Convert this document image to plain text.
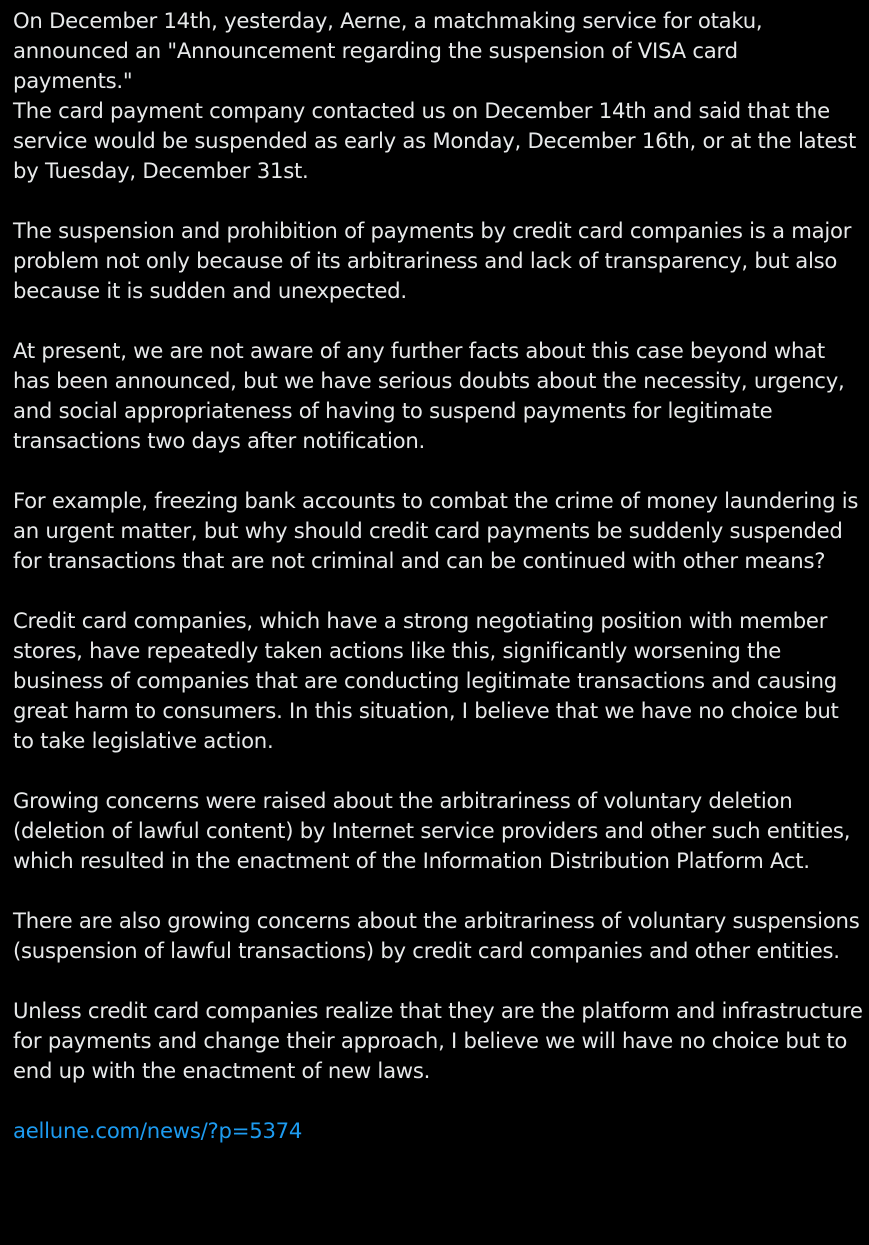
On December 14th, yesterday, Aerne, a matchmaking service for otaku, announced an "Announcement regarding the suspension of VISA card payments."
The card payment company contacted us on December 14th and said that the service would be suspended as early as Monday, December 16th, or at the latest by Tuesday, December 31st.
The suspension and prohibition of payments by credit card companies is a major problem not only because of its arbitrariness and lack of transparency, but also because it is sudden and unexpected.
At present, we are not aware of any further facts about this case beyond what has been announced, but we have serious doubts about the necessity, urgency, and social appropriateness of having to suspend payments for legitimate transactions two days after notification.
For example, freezing bank accounts to combat the crime of money laundering is an urgent matter, but why should credit card payments be suddenly suspended for transactions that are not criminal and can be continued with other means?
Credit card companies, which have a strong negotiating position with member stores, have repeatedly taken actions like this, significantly worsening the business of companies that are conducting legitimate transactions and causing great harm to consumers. In this situation, I believe that we have no choice but to take legislative action.
Growing concerns were raised about the arbitrariness of voluntary deletion (deletion of lawful content) by Internet service providers and other such entities, which resulted in the enactment of the Information Distribution Platform Act.
There are also growing concerns about the arbitrariness of voluntary suspensions (suspension of lawful transactions) by credit card companies and other entities.
Unless credit card companies realize that they are the platform and infrastructure for payments and change their approach, I believe we will have no choice but to end up with the enactment of new laws.
aellune.com/news/?p=5374
